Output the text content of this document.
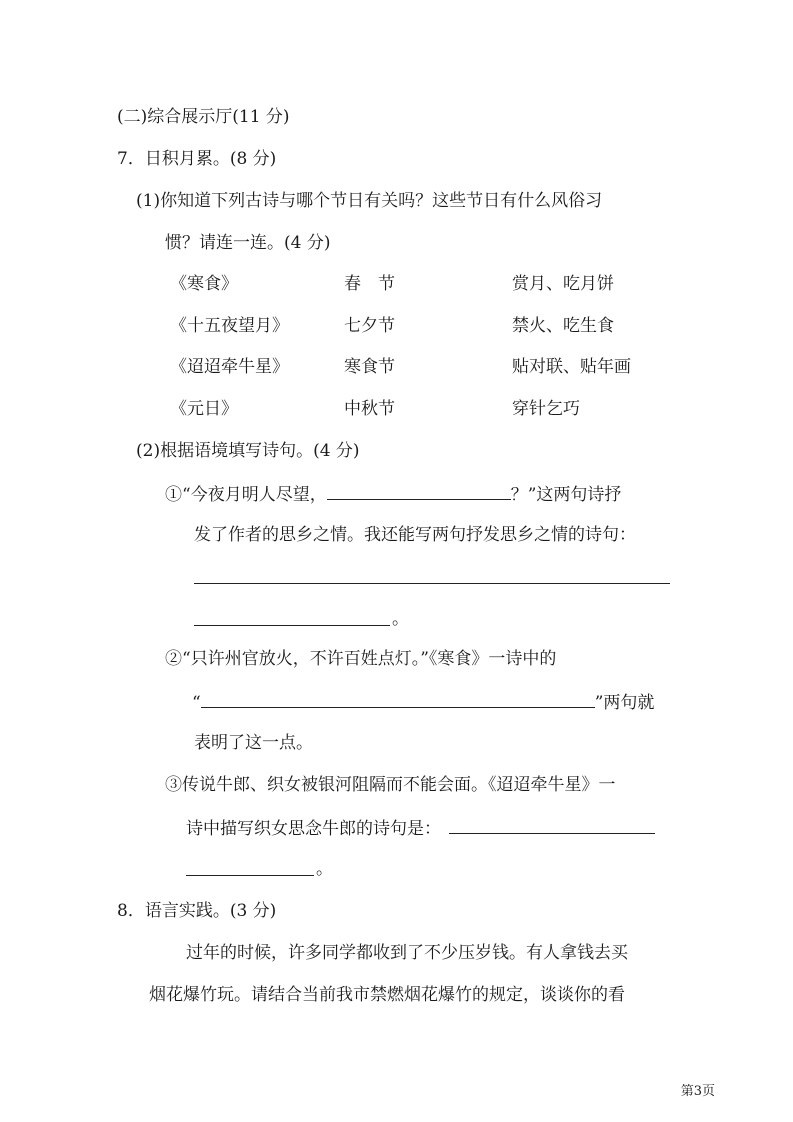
(二)综合展示厅(11 分)
7．日积月累。(8 分)
(1)你知道下列古诗与哪个节日有关吗？这些节日有什么风俗习
惯？请连一连。(4 分)
《寒食》
《十五夜望月》
《迢迢牵牛星》
《元日》
春　节
七夕节
寒食节
中秋节
赏月、吃月饼
禁火、吃生食
贴对联、贴年画
穿针乞巧
(2)根据语境填写诗句。(4 分)
①“今夜月明人尽望，	？”这两句诗抒
发了作者的思乡之情。我还能写两句抒发思乡之情的诗句：
。
②“只许州官放火，不许百姓点灯。”《寒食》一诗中的
“	”两句就
表明了这一点。
③传说牛郎、织女被银河阻隔而不能会面。《迢迢牵牛星》一
诗中描写织女思念牛郎的诗句是：
。
8．语言实践。(3 分)
过年的时候，许多同学都收到了不少压岁钱。有人拿钱去买
烟花爆竹玩。请结合当前我市禁燃烟花爆竹的规定，谈谈你的看
第3页
